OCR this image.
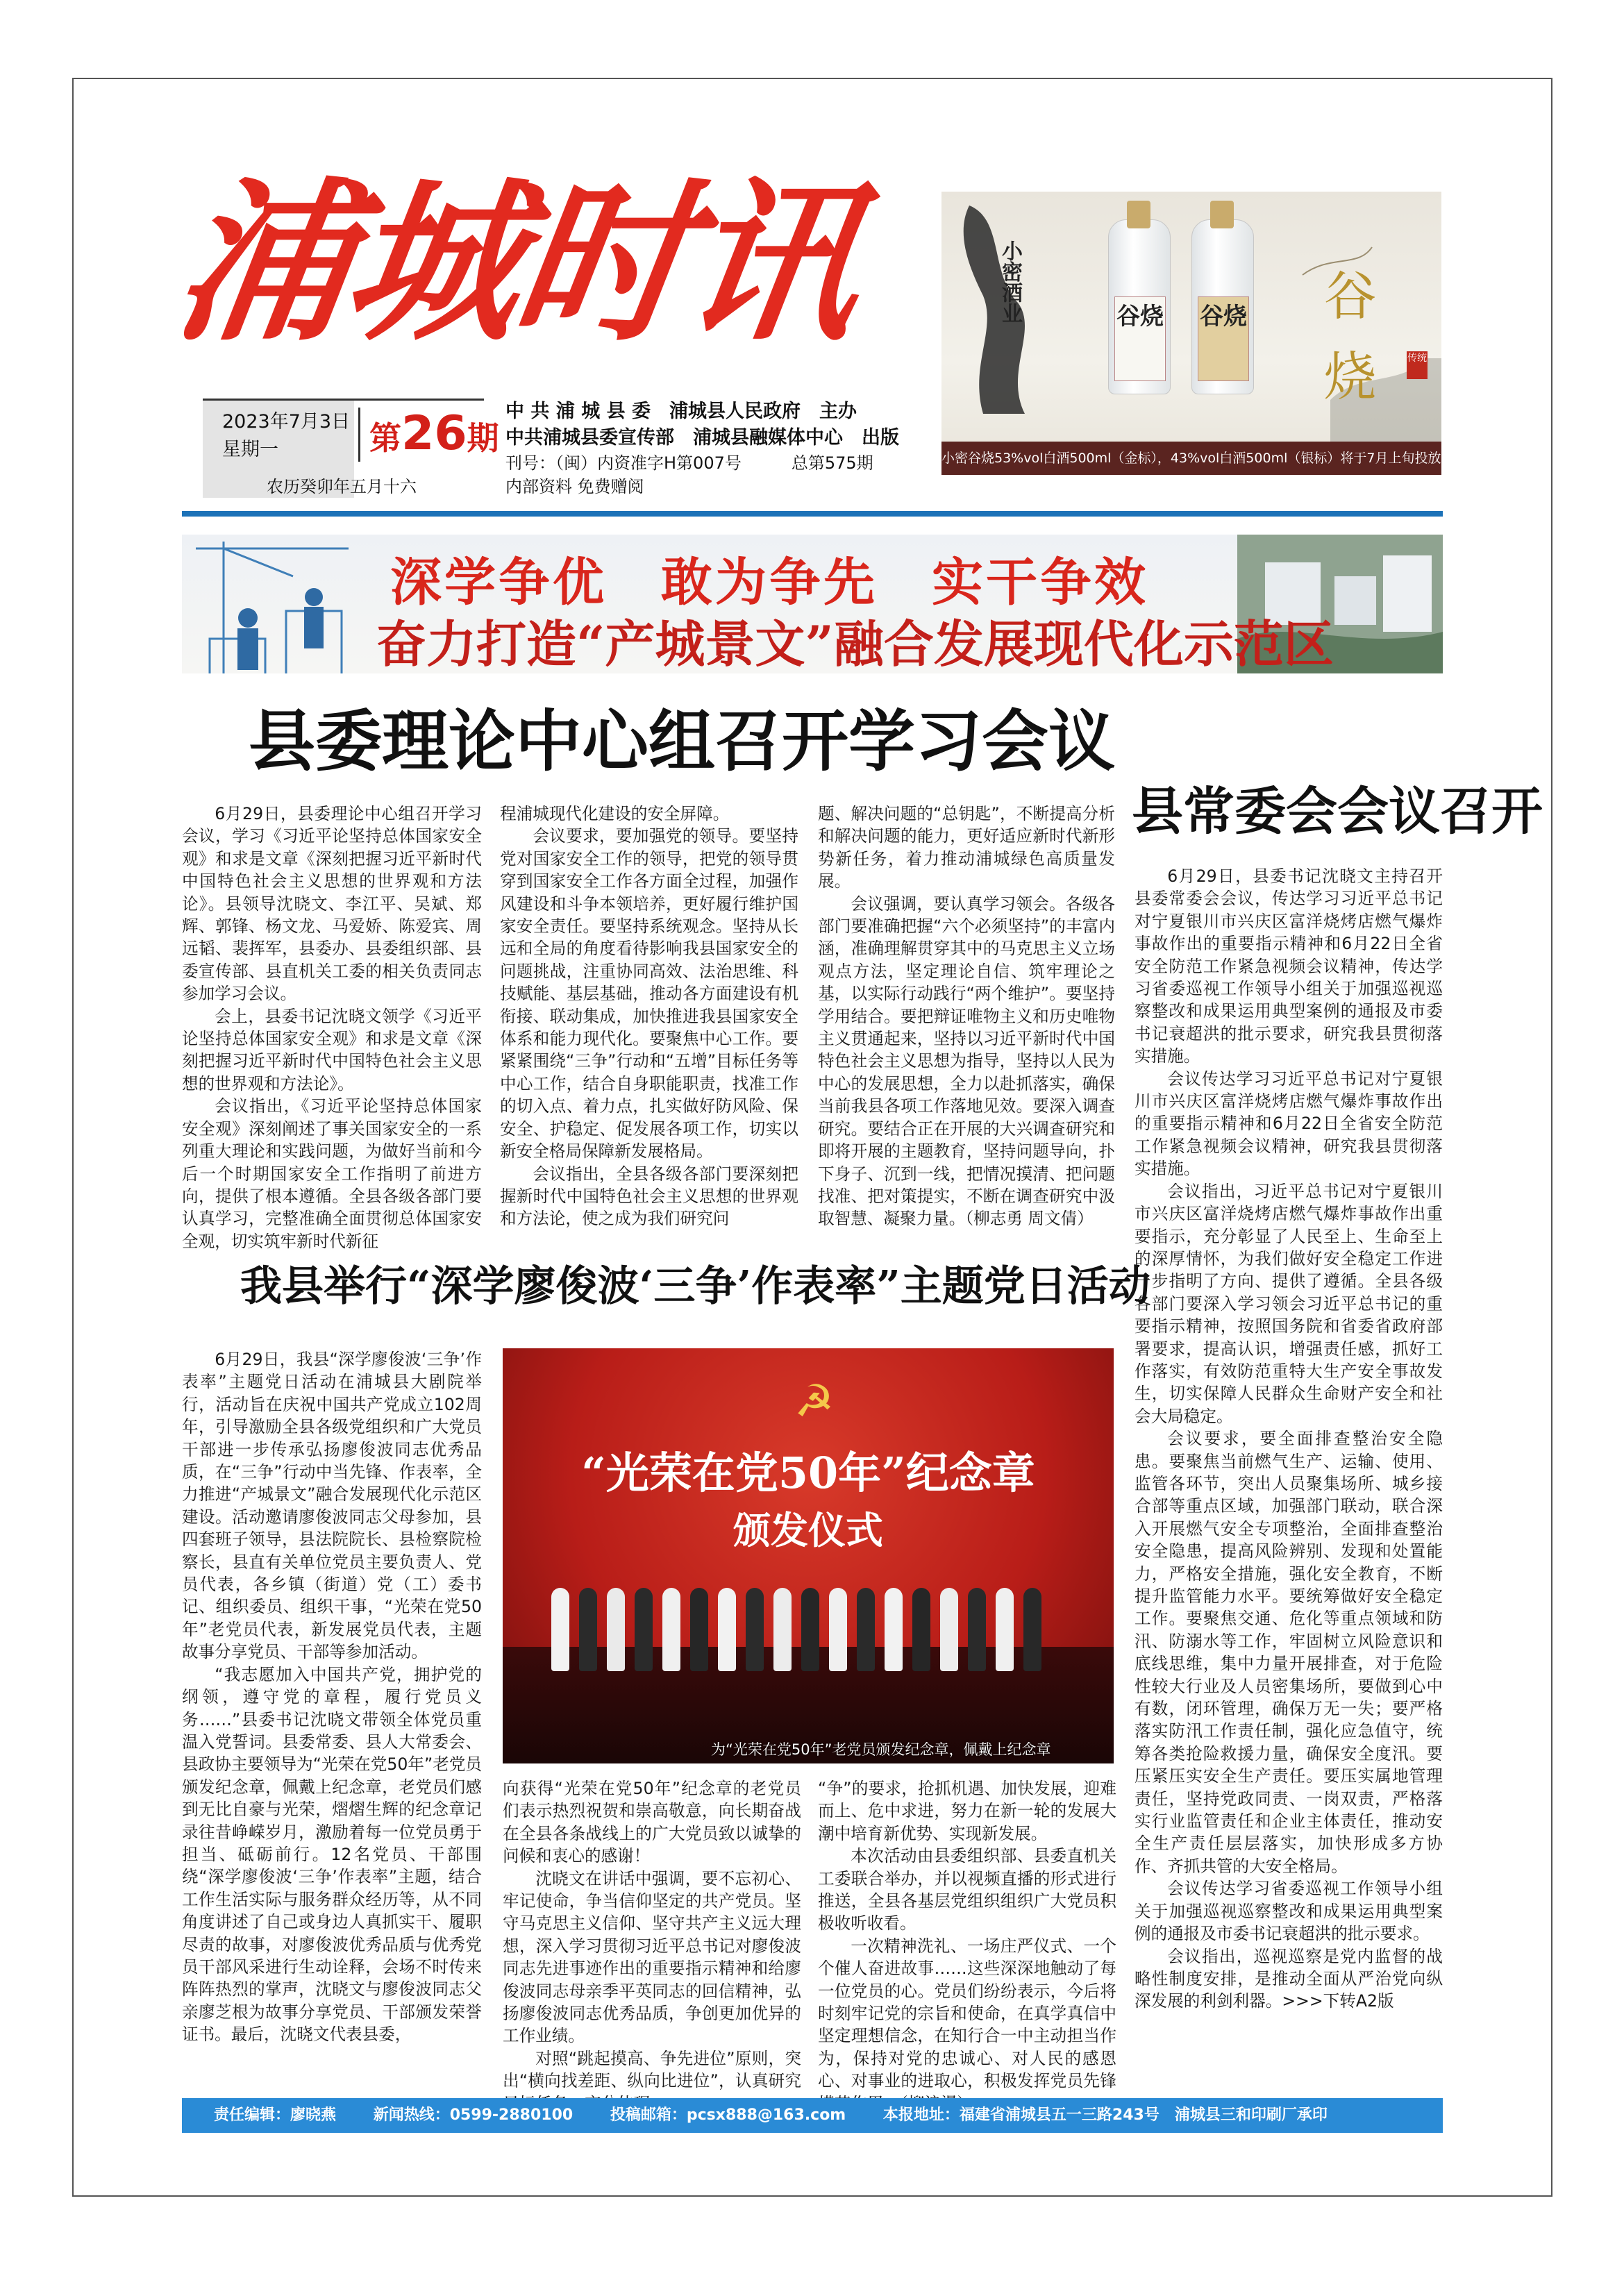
浦城时讯	小密酒业	谷烧 谷烧 谷烧	传统
小密谷烧53%vol白酒500ml（金标），43%vol白酒500ml（银标）将于7月上旬投放市场，敬请期待……
2023年7月3日
星期一	第26期
农历癸卯年五月十六
中 共 浦 城 县 委　浦城县人民政府　主办
中共浦城县委宣传部　浦城县融媒体中心　出版
刊号：（闽）内资准字H第007号　　　总第575期
内部资料 免费赠阅
深学争优　敢为争先　实干争效
奋力打造“产城景文”融合发展现代化示范区
县委理论中心组召开学习会议

6月29日，县委理论中心组召开学习会议，学习《习近平论坚持总体国家安全观》和求是文章《深刻把握习近平新时代中国特色社会主义思想的世界观和方法论》。县领导沈晓文、李江平、吴斌、郑辉、郭锋、杨文龙、马爱娇、陈爱宾、周远韬、裴挥军，县委办、县委组织部、县委宣传部、县直机关工委的相关负责同志参加学习会议。

会上，县委书记沈晓文领学《习近平论坚持总体国家安全观》和求是文章《深刻把握习近平新时代中国特色社会主义思想的世界观和方法论》。

会议指出，《习近平论坚持总体国家安全观》深刻阐述了事关国家安全的一系列重大理论和实践问题，为做好当前和今后一个时期国家安全工作指明了前进方向，提供了根本遵循。全县各级各部门要认真学习，完整准确全面贯彻总体国家安全观，切实筑牢新时代新征

程浦城现代化建设的安全屏障。

会议要求，要加强党的领导。要坚持党对国家安全工作的领导，把党的领导贯穿到国家安全工作各方面全过程，加强作风建设和斗争本领培养，更好履行维护国家安全责任。要坚持系统观念。坚持从长远和全局的角度看待影响我县国家安全的问题挑战，注重协同高效、法治思维、科技赋能、基层基础，推动各方面建设有机衔接、联动集成，加快推进我县国家安全体系和能力现代化。要聚焦中心工作。要紧紧围绕“三争”行动和“五增”目标任务等中心工作，结合自身职能职责，找准工作的切入点、着力点，扎实做好防风险、保安全、护稳定、促发展各项工作，切实以新安全格局保障新发展格局。

会议指出，全县各级各部门要深刻把握新时代中国特色社会主义思想的世界观和方法论，使之成为我们研究问

题、解决问题的“总钥匙”，不断提高分析和解决问题的能力，更好适应新时代新形势新任务，着力推动浦城绿色高质量发展。

会议强调，要认真学习领会。各级各部门要准确把握“六个必须坚持”的丰富内涵，准确理解贯穿其中的马克思主义立场观点方法，坚定理论自信、筑牢理论之基，以实际行动践行“两个维护”。要坚持学用结合。要把辩证唯物主义和历史唯物主义贯通起来，坚持以习近平新时代中国特色社会主义思想为指导，坚持以人民为中心的发展思想，全力以赴抓落实，确保当前我县各项工作落地见效。要深入调查研究。要结合正在开展的大兴调查研究和即将开展的主题教育，坚持问题导向，扑下身子、沉到一线，把情况摸清、把问题找准、把对策提实，不断在调查研究中汲取智慧、凝聚力量。（柳志勇 周文倩）

县常委会会议召开

6月29日，县委书记沈晓文主持召开县委常委会会议，传达学习习近平总书记对宁夏银川市兴庆区富洋烧烤店燃气爆炸事故作出的重要指示精神和6月22日全省安全防范工作紧急视频会议精神，传达学习省委巡视工作领导小组关于加强巡视巡察整改和成果运用典型案例的通报及市委书记衰超洪的批示要求，研究我县贯彻落实措施。

会议传达学习习近平总书记对宁夏银川市兴庆区富洋烧烤店燃气爆炸事故作出的重要指示精神和6月22日全省安全防范工作紧急视频会议精神，研究我县贯彻落实措施。

会议指出，习近平总书记对宁夏银川市兴庆区富洋烧烤店燃气爆炸事故作出重要指示，充分彰显了人民至上、生命至上的深厚情怀，为我们做好安全稳定工作进一步指明了方向、提供了遵循。全县各级各部门要深入学习领会习近平总书记的重要指示精神，按照国务院和省委省政府部署要求，提高认识，增强责任感，抓好工作落实，有效防范重特大生产安全事故发生，切实保障人民群众生命财产安全和社会大局稳定。

会议要求，要全面排查整治安全隐患。要聚焦当前燃气生产、运输、使用、监管各环节，突出人员聚集场所、城乡接合部等重点区域，加强部门联动，联合深入开展燃气安全专项整治，全面排查整治安全隐患，提高风险辨别、发现和处置能力，严格安全措施，强化安全教育，不断提升监管能力水平。要统筹做好安全稳定工作。要聚焦交通、危化等重点领域和防汛、防溺水等工作，牢固树立风险意识和底线思维，集中力量开展排查，对于危险性较大行业及人员密集场所，要做到心中有数，闭环管理，确保万无一失；要严格落实防汛工作责任制，强化应急值守，统筹各类抢险救援力量，确保安全度汛。要压紧压实安全生产责任。要压实属地管理责任，坚持党政同责、一岗双责，严格落实行业监管责任和企业主体责任，推动安全生产责任层层落实，加快形成多方协作、齐抓共管的大安全格局。

会议传达学习省委巡视工作领导小组关于加强巡视巡察整改和成果运用典型案例的通报及市委书记衰超洪的批示要求。

会议指出，巡视巡察是党内监督的战略性制度安排，是推动全面从严治党向纵深发展的利剑利器。>>>下转A2版

我县举行“深学廖俊波‘三争’作表率”主题党日活动

6月29日，我县“深学廖俊波‘三争’作表率”主题党日活动在浦城县大剧院举行，活动旨在庆祝中国共产党成立102周年，引导激励全县各级党组织和广大党员干部进一步传承弘扬廖俊波同志优秀品质，在“三争”行动中当先锋、作表率，全力推进“产城景文”融合发展现代化示范区建设。活动邀请廖俊波同志父母参加，县四套班子领导，县法院院长、县检察院检察长，县直有关单位党员主要负责人、党员代表，各乡镇（街道）党（工）委书记、组织委员、组织干事，“光荣在党50年”老党员代表，新发展党员代表，主题故事分享党员、干部等参加活动。

“我志愿加入中国共产党，拥护党的纲领，遵守党的章程，履行党员义务……”县委书记沈晓文带领全体党员重温入党誓词。县委常委、县人大常委会、县政协主要领导为“光荣在党50年”老党员颁发纪念章，佩戴上纪念章，老党员们感到无比自豪与光荣，熠熠生辉的纪念章记录往昔峥嵘岁月，激励着每一位党员勇于担当、砥砺前行。12名党员、干部围绕“深学廖俊波‘三争’作表率”主题，结合工作生活实际与服务群众经历等，从不同角度讲述了自己或身边人真抓实干、履职尽责的故事，对廖俊波优秀品质与优秀党员干部风采进行生动诠释，会场不时传来阵阵热烈的掌声，沈晓文与廖俊波同志父亲廖芝根为故事分享党员、干部颁发荣誉证书。最后，沈晓文代表县委，

☭
“光荣在党50年”纪念章
颁发仪式
为“光荣在党50年”老党员颁发纪念章，佩戴上纪念章

向获得“光荣在党50年”纪念章的老党员们表示热烈祝贺和崇高敬意，向长期奋战在全县各条战线上的广大党员致以诚挚的问候和衷心的感谢！

沈晓文在讲话中强调，要不忘初心、牢记使命，争当信仰坚定的共产党员。坚守马克思主义信仰、坚守共产主义远大理想，深入学习贯彻习近平总书记对廖俊波同志先进事迹作出的重要指示精神和给廖俊波同志母亲季平英同志的回信精神，弘扬廖俊波同志优秀品质，争创更加优异的工作业绩。

对照“跳起摸高、争先进位”原则，突出“横向找差距、纵向比进位”，认真研究

“争”的要求，抢抓机遇、加快发展，迎难而上、危中求进，努力在新一轮的发展大潮中培育新优势、实现新发展。

本次活动由县委组织部、县委直机关工委联合举办，并以视频直播的形式进行推送，全县各基层党组织组织广大党员积极收听收看。

一次精神洗礼、一场庄严仪式、一个个催人奋进故事……这些深深地触动了每一位党员的心。党员们纷纷表示，今后将时刻牢记党的宗旨和使命，在真学真信中坚定理想信念，在知行合一中主动担当作为，保持对党的忠诚心、对人民的感恩心、对事业的进取心，积极发挥党员先锋

责任编辑：廖晓燕 新闻热线：0599-2880100 投稿邮箱：pcsx888@163.com 本报地址：福建省浦城县五一三路243号　浦城县三和印刷厂承印
